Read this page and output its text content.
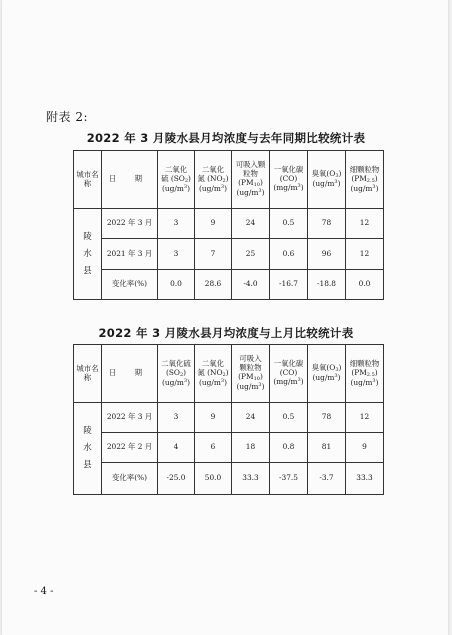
附表 2:
2022 年 3 月陵水县月均浓度与去年同期比较统计表
城市名称	日 期	二氧化
硫 $(SO_2)$
$(ug/m^3)$	二氧化
氮 $(NO_2)$
$(ug/m^3)$	可吸入颗
粒物
$(PM_{10})$
$(ug/m^3)$	一氧化碳
(CO)
$(mg/m^3)$	臭氧$(O_3)$
$(ug/m^3)$	细颗粒物
$(PM_{2.5})$
$(ug/m^3)$
陵
水
县	2022 年 3 月	3	9	24	0.5	78	12
	2021 年 3 月	3	7	25	0.6	96	12
	变化率(%)	0.0	28.6	-4.0	-16.7	-18.8	0.0
2022 年 3 月陵水县月均浓度与上月比较统计表
城市名称	日 期	二氧化硫
$(SO_2)$
$(ug/m^3)$	二氧化
氮 $(NO_2)$
$(ug/m^3)$	可吸入
颗粒物
$(PM_{10})$
$(ug/m^3)$	一氧化碳
(CO)
$(mg/m^3)$	臭氧$(O_3)$
$(ug/m^3)$	细颗粒物
$(PM_{2.5})$
$(ug/m^3)$
陵
水
县	2022 年 3 月	3	9	24	0.5	78	12
	2022 年 2 月	4	6	18	0.8	81	9
	变化率(%)	-25.0	50.0	33.3	-37.5	-3.7	33.3
- 4 -
